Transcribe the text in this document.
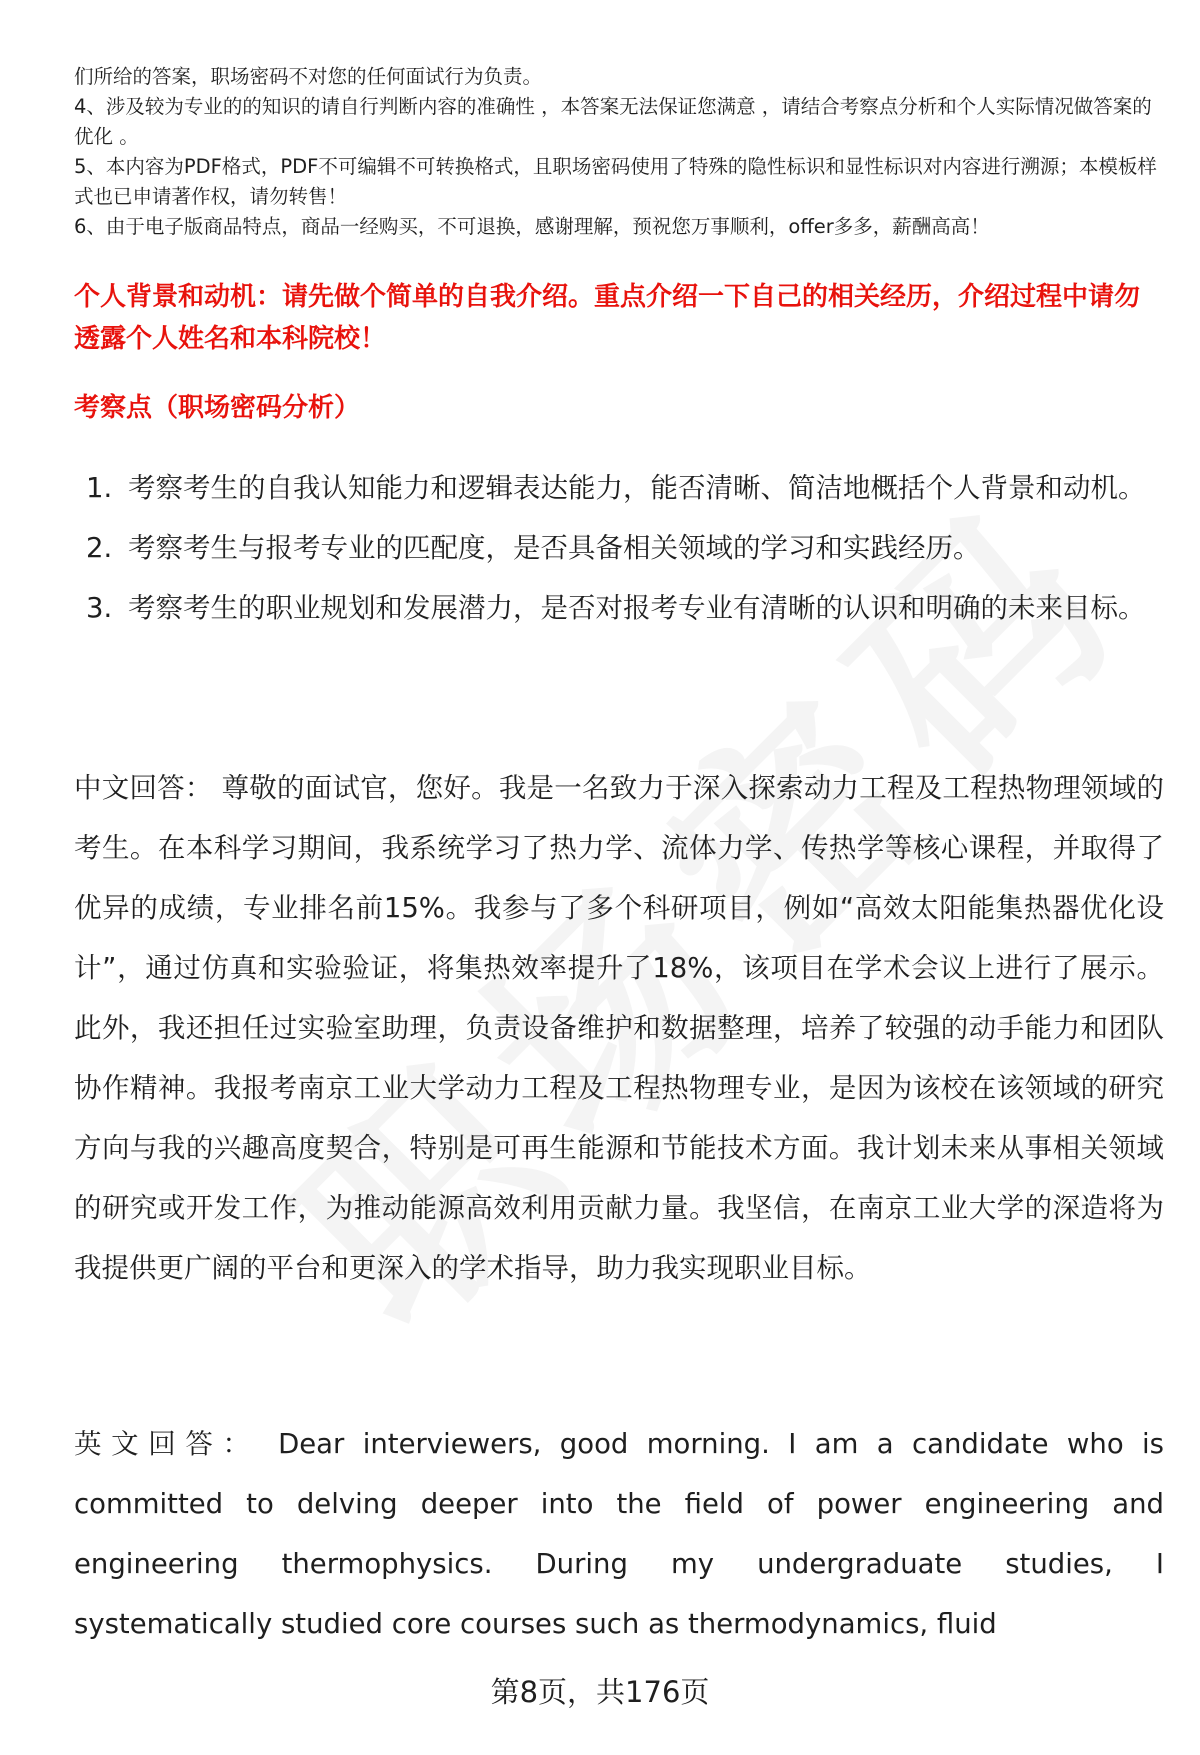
们所给的答案，职场密码不对您的任何面试行为负责。

4、涉及较为专业的的知识的请自行判断内容的准确性 ，本答案无法保证您满意 ，请结合考察点分析和个人实际情况做答案的优化 。

5、本内容为PDF格式，PDF不可编辑不可转换格式，且职场密码使用了特殊的隐性标识和显性标识对内容进行溯源；本模板样式也已申请著作权，请勿转售！

6、由于电子版商品特点，商品一经购买，不可退换，感谢理解，预祝您万事顺利，offer多多，薪酬高高！

个人背景和动机：请先做个简单的自我介绍。重点介绍一下自己的相关经历，介绍过程中请勿透露个人姓名和本科院校！
考察点（职场密码分析）
1. 考察考生的自我认知能力和逻辑表达能力，能否清晰、简洁地概括个人背景和动机。
2. 考察考生与报考专业的匹配度，是否具备相关领域的学习和实践经历。
3. 考察考生的职业规划和发展潜力，是否对报考专业有清晰的认识和明确的未来目标。

中文回答： 尊敬的面试官，您好。我是一名致力于深入探索动力工程及工程热物理领域的考生。在本科学习期间，我系统学习了热力学、流体力学、传热学等核心课程，并取得了优异的成绩，专业排名前15%。我参与了多个科研项目，例如“高效太阳能集热器优化设计”，通过仿真和实验验证，将集热效率提升了18%，该项目在学术会议上进行了展示。此外，我还担任过实验室助理，负责设备维护和数据整理，培养了较强的动手能力和团队协作精神。我报考南京工业大学动力工程及工程热物理专业，是因为该校在该领域的研究方向与我的兴趣高度契合，特别是可再生能源和节能技术方面。我计划未来从事相关领域的研究或开发工作，为推动能源高效利用贡献力量。我坚信，在南京工业大学的深造将为我提供更广阔的平台和更深入的学术指导，助力我实现职业目标。

英文回答： Dear interviewers, good morning. I am a candidate who is committed to delving deeper into the field of power engineering and engineering thermophysics. During my undergraduate studies, I systematically studied core courses such as thermodynamics, fluid

第8页，共176页
